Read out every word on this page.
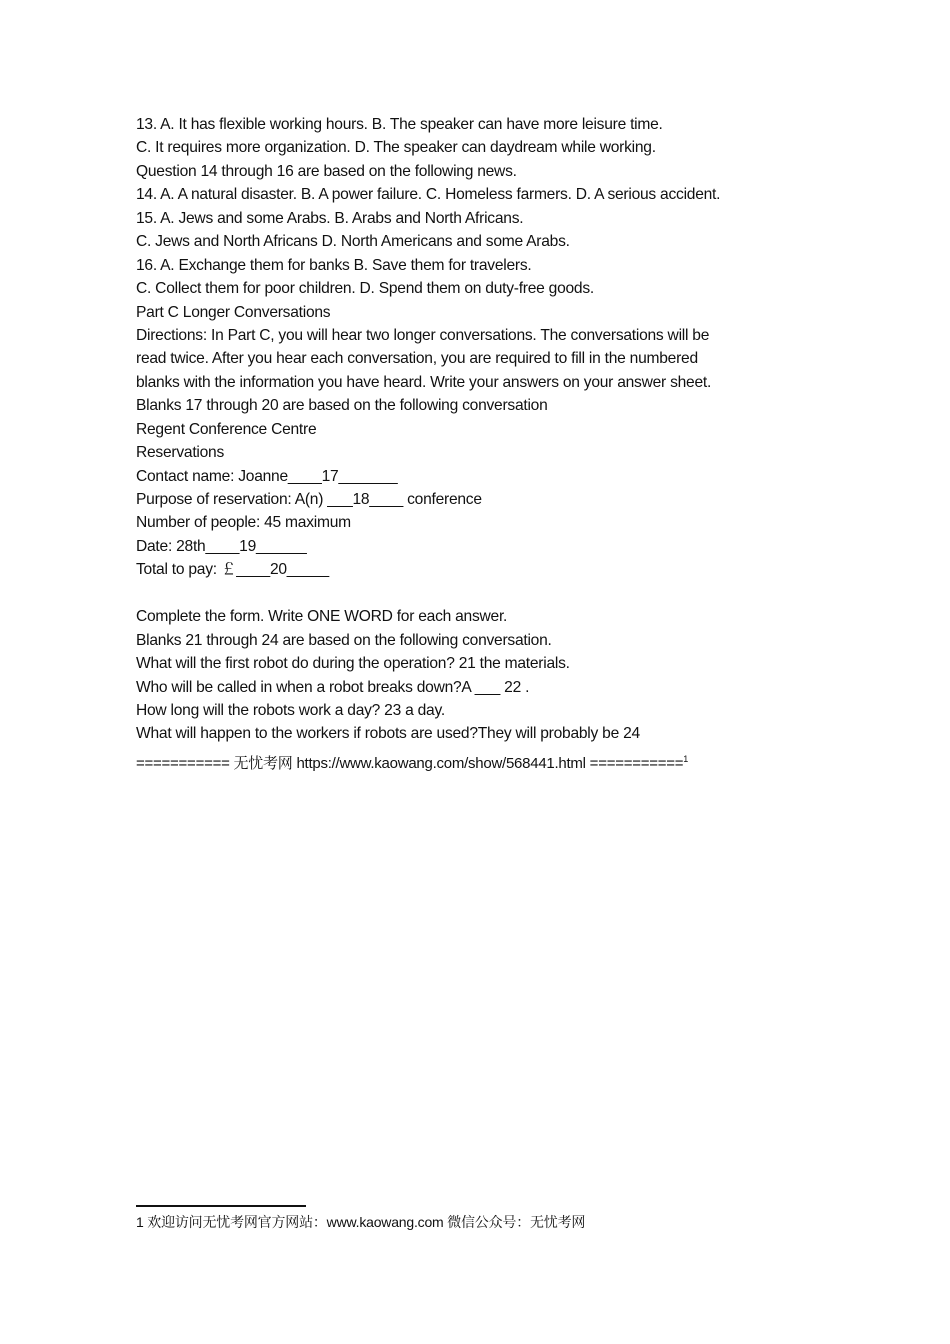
13. A. It has flexible working hours. B. The speaker can have more leisure time.
C. It requires more organization. D. The speaker can daydream while working.
Question 14 through 16 are based on the following news.
14. A. A natural disaster. B. A power failure. C. Homeless farmers. D. A serious accident.
15. A. Jews and some Arabs. B. Arabs and North Africans.
C. Jews and North Africans D. North Americans and some Arabs.
16. A. Exchange them for banks B. Save them for travelers.
C. Collect them for poor children. D. Spend them on duty-free goods.
Part C Longer Conversations
Directions: In Part C, you will hear two longer conversations. The conversations will be
read twice. After you hear each conversation, you are required to fill in the numbered
blanks with the information you have heard. Write your answers on your answer sheet.
Blanks 17 through 20 are based on the following conversation
Regent Conference Centre
Reservations
Contact name: Joanne____17_______
Purpose of reservation: A(n) ___18____ conference
Number of people: 45 maximum
Date: 28th____19______
Total to pay: ￡____20_____
Complete the form. Write ONE WORD for each answer.
Blanks 21 through 24 are based on the following conversation.
What will the first robot do during the operation? 21 the materials.
Who will be called in when a robot breaks down?A ___ 22 .
How long will the robots work a day? 23 a day.
What will happen to the workers if robots are used?They will probably be 24
=========== 无忧考网 https://www.kaowang.com/show/568441.html ===========$^1$
1 欢迎访问无忧考网官方网站：www.kaowang.com 微信公众号：无忧考网
